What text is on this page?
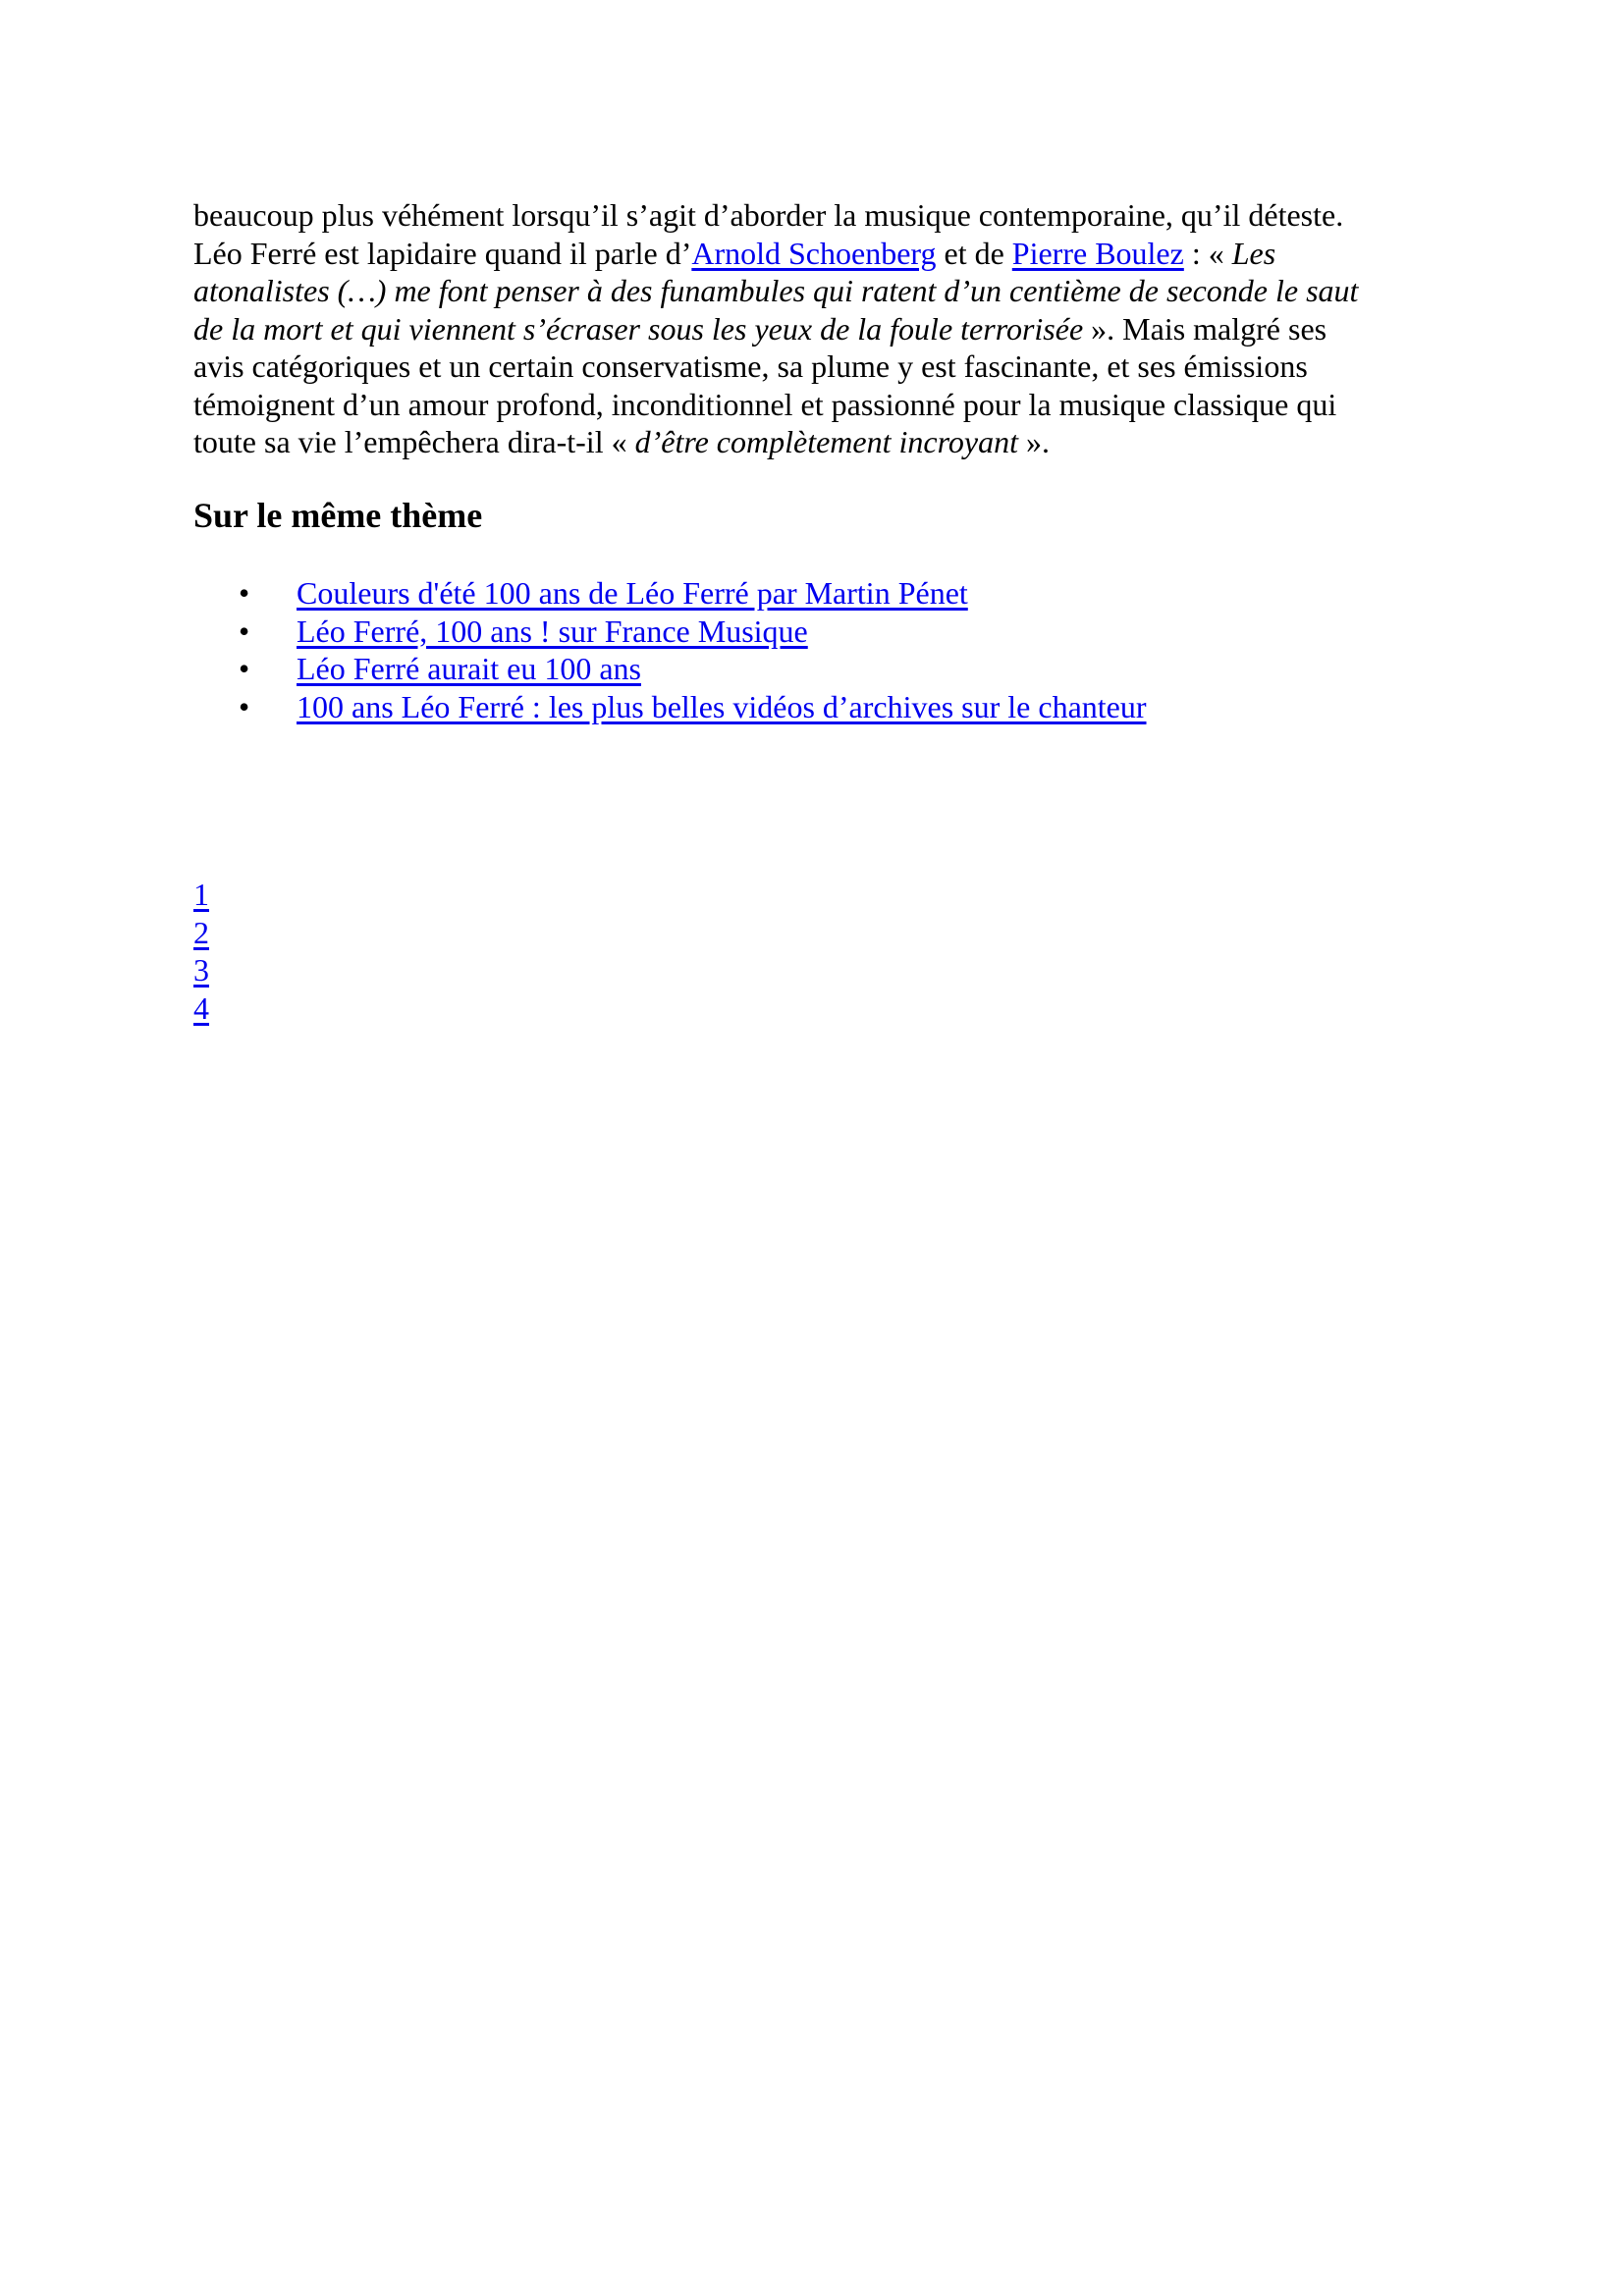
beaucoup plus véhément lorsqu’il s’agit d’aborder la musique contemporaine, qu’il déteste.
Léo Ferré est lapidaire quand il parle d’Arnold Schoenberg et de Pierre Boulez : « Les
atonalistes (…) me font penser à des funambules qui ratent d’un centième de seconde le saut
de la mort et qui viennent s’écraser sous les yeux de la foule terrorisée ». Mais malgré ses
avis catégoriques et un certain conservatisme, sa plume y est fascinante, et ses émissions
témoignent d’un amour profond, inconditionnel et passionné pour la musique classique qui
toute sa vie l’empêchera dira-t-il « d’être complètement incroyant ».
Sur le même thème
• Couleurs d'été 100 ans de Léo Ferré par Martin Pénet
• Léo Ferré, 100 ans ! sur France Musique
• Léo Ferré aurait eu 100 ans
• 100 ans Léo Ferré : les plus belles vidéos d’archives sur le chanteur
1
2
3
4
